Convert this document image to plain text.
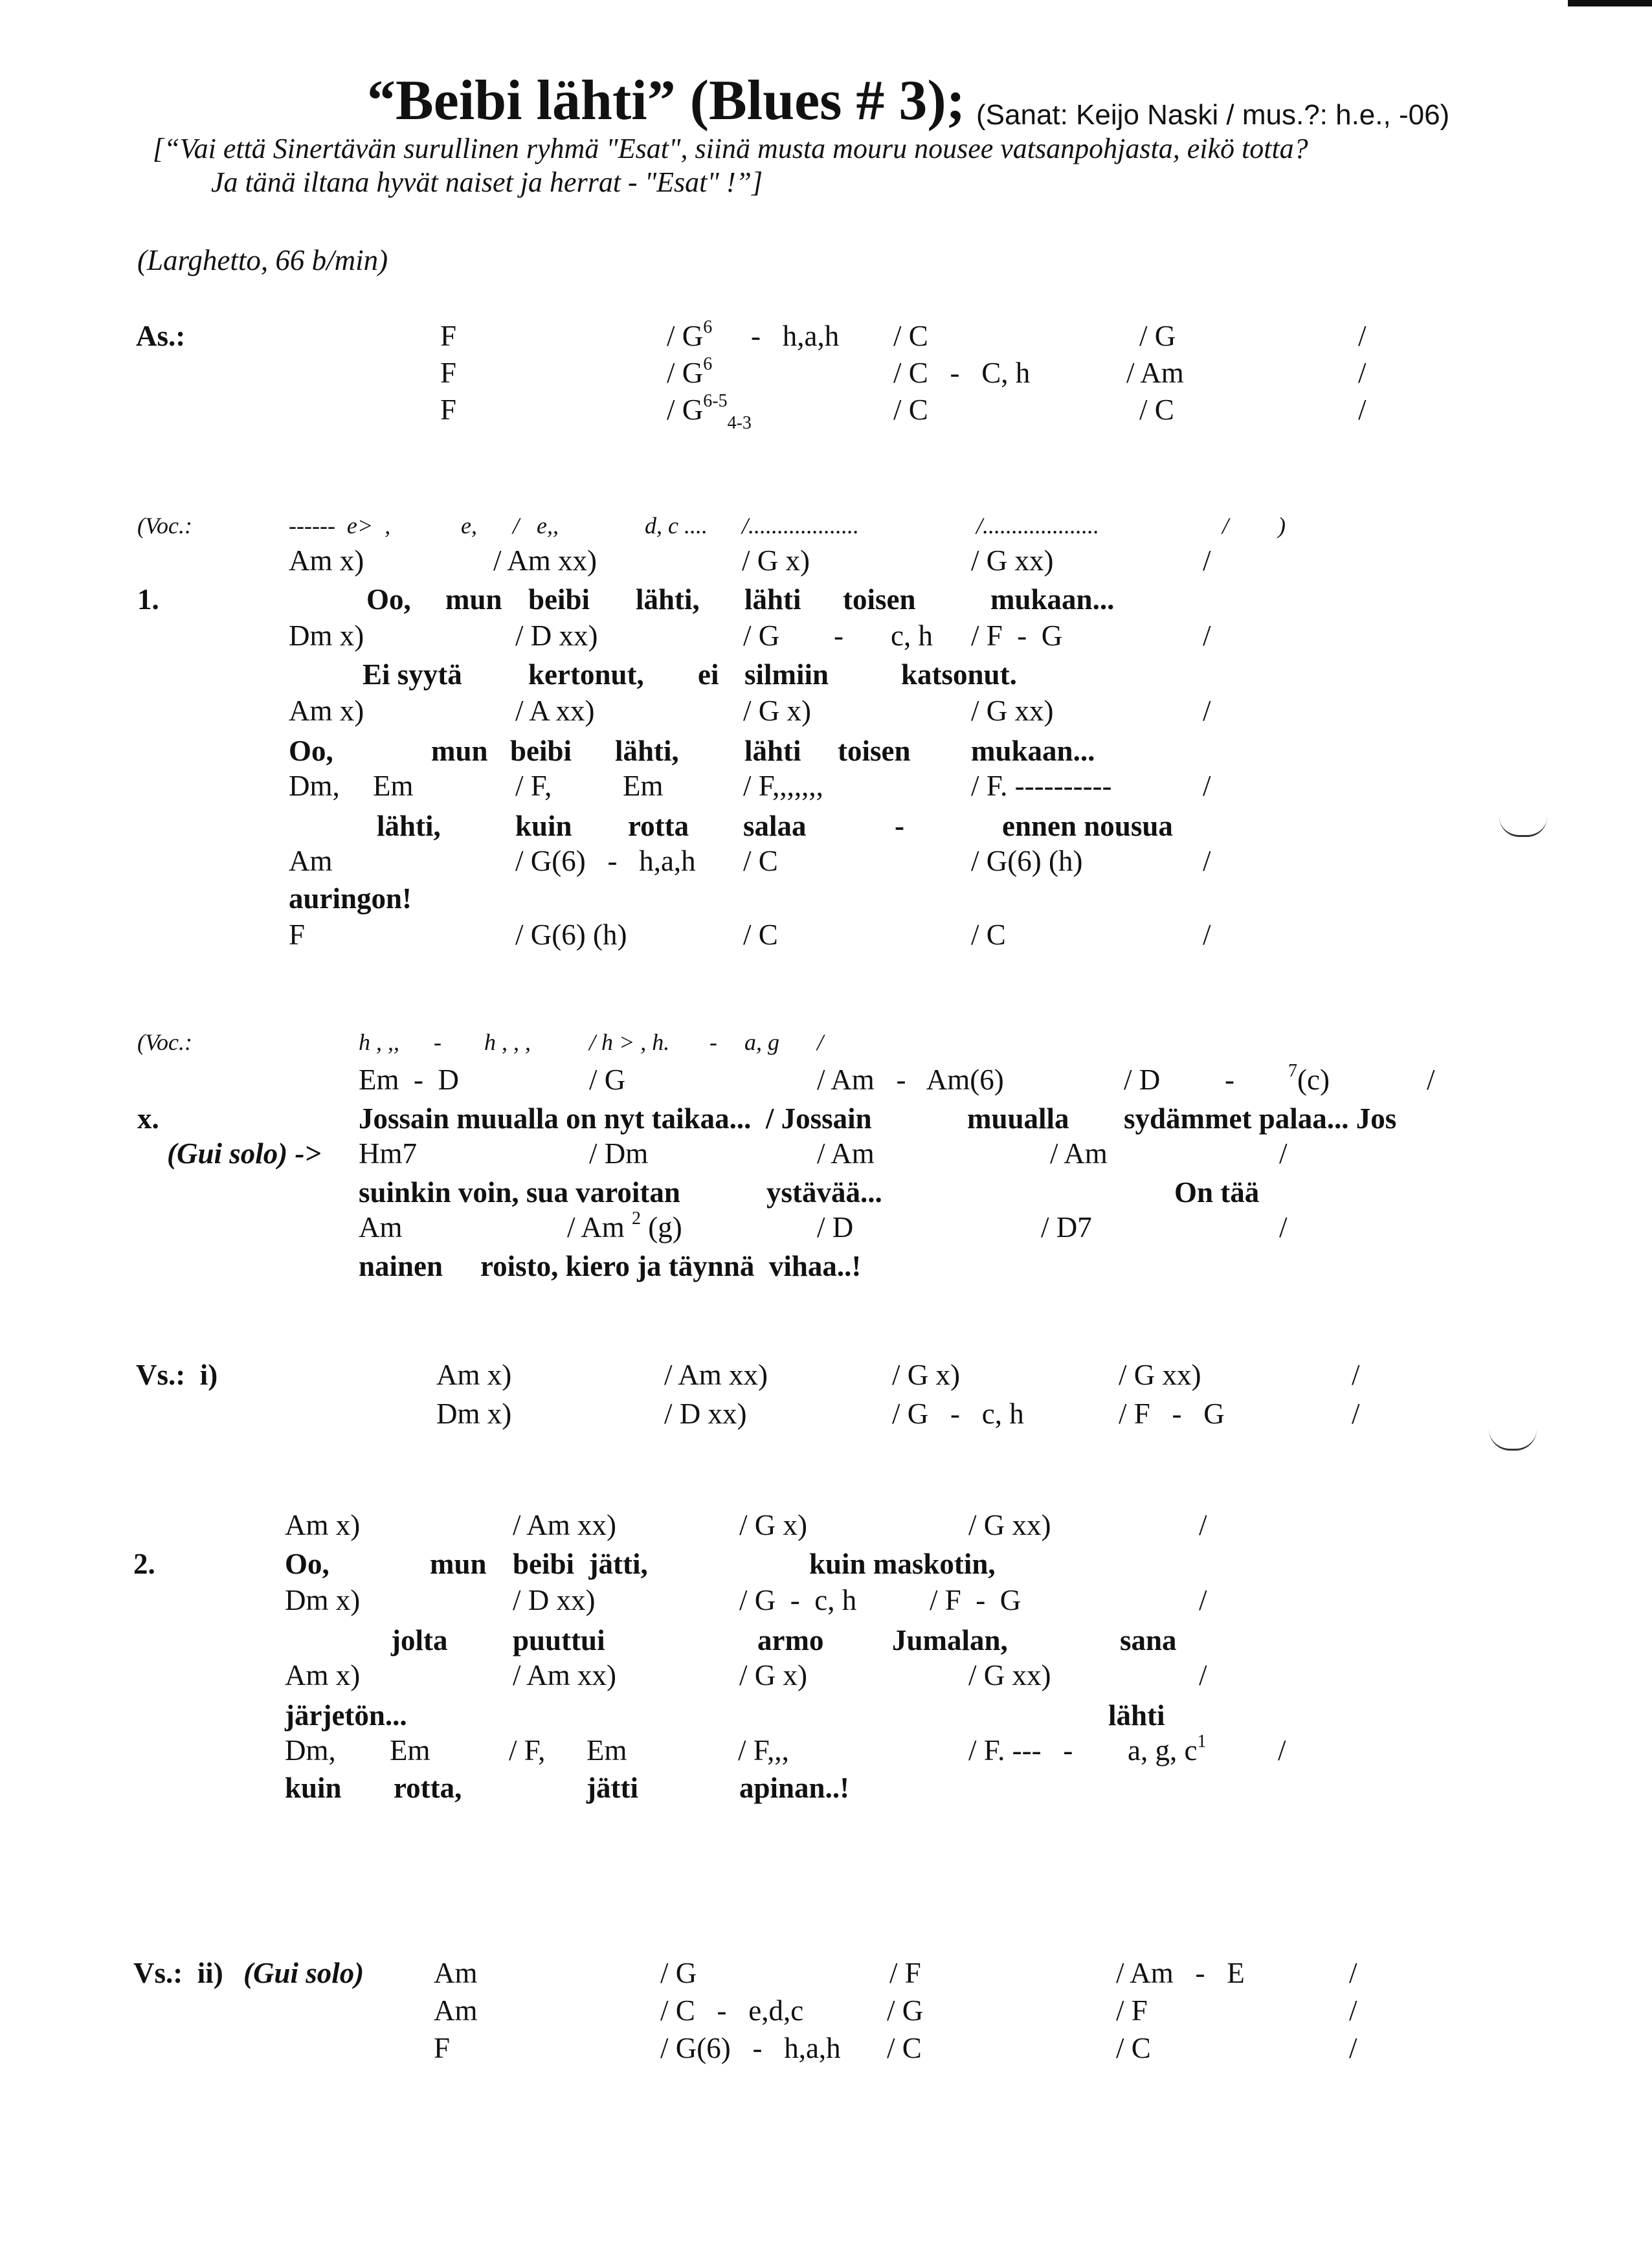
“Beibi lähti” (Blues # 3); (Sanat: Keijo Naski / mus.?: h.e., -06)
[“Vai että Sinertävän surullinen ryhmä "Esat", siinä musta mouru nousee vatsanpohjasta, eikö totta?
Ja tänä iltana hyvät naiset ja herrat - "Esat" !”]
(Larghetto, 66 b/min)
As.:	F	/ $G^6 - h,a,h$ / C	/ G	/
F	/ $G^6$	/ C   -   C, h	/ Am	/
F	/ $G^{6-5}_{4-3}$	/ C	/ C	/
(Voc.:	------  e>  ,	e, /   e,,	d, c .... /...................	/....................	/ )
1.
Am x)	/ Am xx)	/ G x)	/ G xx)	/
Oo, mun beibi lähti, lähti toisen	mukaan...
Dm x)	/ D xx)	/ G - c, h / F  -  G	/
Ei syytä kertonut, ei silmiin katsonut.
Am x)	/ A xx)	/ G x)	/ G xx)	/
Oo,	mun beibi lähti, lähti toisen mukaan...
Dm, Em	/ F, Em	/ F,,,,,,,	/ F. ----------	/
lähti,	kuin rotta salaa	-	ennen nousua
Am	/ G(6)   -   h,a,h / C	/ G(6) (h)	/
auringon!
F	/ G(6) (h)	/ C	/ C	/
(Voc.:	h , ,, - h , , ,	/ h > , h. - a, g /
Em  -  D	/ G	/ Am   -   Am(6)	/ D -	$^7$(c)	/
x.	Jossain muualla on nyt taikaa...  / Jossain	muualla sydämmet palaa... Jos
(Gui solo) -> Hm7	/ Dm	/ Am	/ Am	/
suinkin voin, sua varoitan	ystävää...	On tää
Am	/ Am $^2$ (g)	/ D	/ D7	/
nainen roisto, kiero ja täynnä  vihaa..!
Vs.:  i)	Am x)	/ Am xx)	/ G x)	/ G xx)	/
Dm x)	/ D xx)	/ G   -   c, h	/ F   -   G	/
Am x)	/ Am xx)	/ G x)	/ G xx)	/
2.	Oo,	mun beibi  jätti,	kuin maskotin,
Dm x)	/ D xx)	/ G  -  c, h	/ F  -  G	/
jolta puuttui	armo Jumalan,	sana
Am x)	/ Am xx)	/ G x)	/ G xx)	/
järjetön...	lähti
Dm, Em	/ F, Em	/ F,,,	/ F. ---   - a, g, $c^1$ /
kuin rotta,	jätti	apinan..!
Vs.:  ii) (Gui solo) Am	/ G	/ F	/ Am   -   E	/
Am	/ C   -   e,d,c	/ G	/ F	/
F	/ G(6)   -   h,a,h / C	/ C	/
